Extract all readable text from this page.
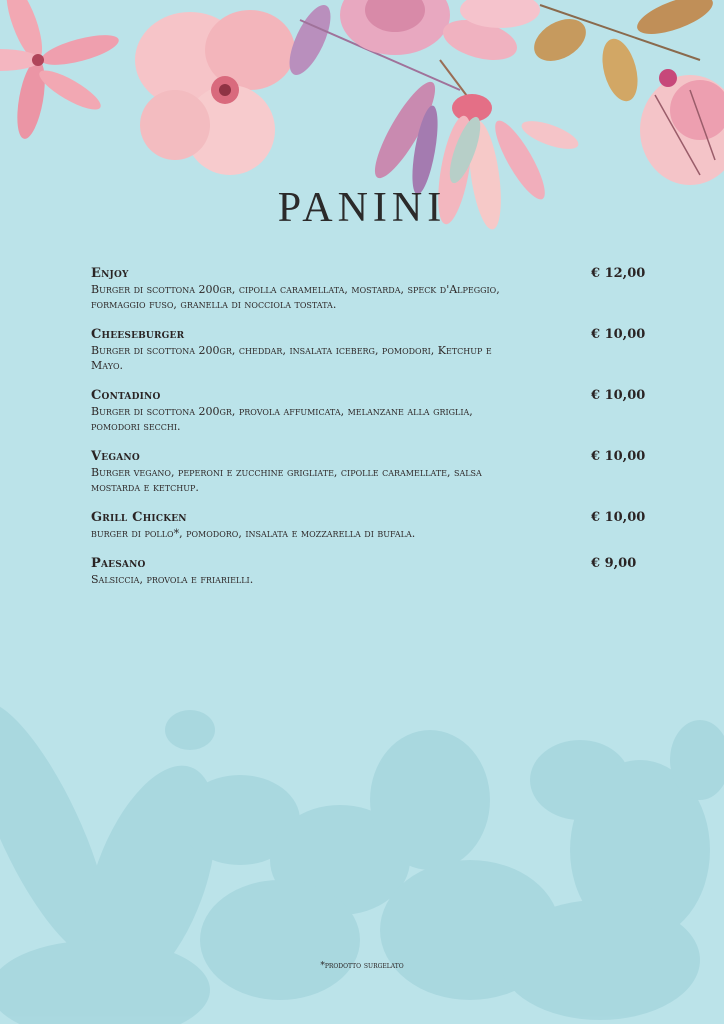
PANINI
Enjoy
Burger di scottona 200gr, cipolla caramellata, mostarda, speck d'Alpeggio, formaggio fuso, granella di nocciola tostata.
€ 12,00
Cheeseburger
Burger di scottona 200gr, cheddar, insalata iceberg, pomodori, Ketchup e Mayo.
€ 10,00
Contadino
Burger di scottona 200gr, provola affumicata, melanzane alla griglia, pomodori secchi.
€ 10,00
Vegano
Burger vegano, peperoni e zucchine grigliate, cipolle caramellate, salsa mostarda e ketchup.
€ 10,00
Grill Chicken
burger di pollo*, pomodoro, insalata e mozzarella di bufala.
€ 10,00
Paesano
Salsiccia, provola e friarielli.
€ 9,00
*prodotto surgelato
